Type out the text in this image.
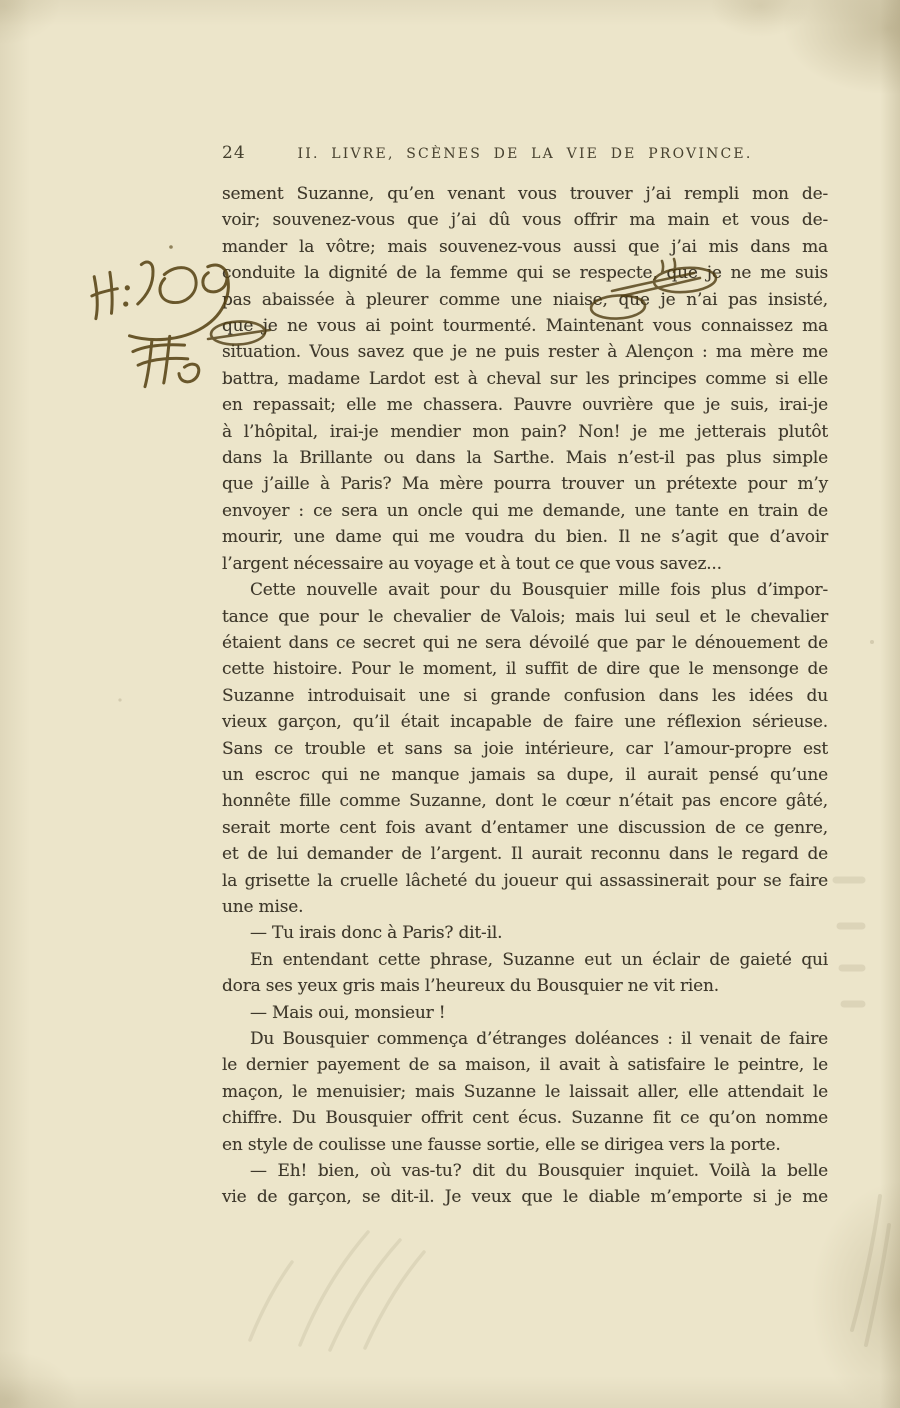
24	II. LIVRE, SCÈNES DE LA VIE DE PROVINCE.
sement Suzanne, qu’en venant vous trouver j’ai rempli mon de-
voir; souvenez-vous que j’ai dû vous offrir ma main et vous de-
mander la vôtre; mais souvenez-vous aussi que j’ai mis dans ma
conduite la dignité de la femme qui se respecte, que je ne me suis
pas abaissée à pleurer comme une niaise, que je n’ai pas insisté,
que je ne vous ai point tourmenté. Maintenant vous connaissez ma
situation. Vous savez que je ne puis rester à Alençon : ma mère me
battra, madame Lardot est à cheval sur les principes comme si elle
en repassait; elle me chassera. Pauvre ouvrière que je suis, irai-je
à l’hôpital, irai-je mendier mon pain? Non! je me jetterais plutôt
dans la Brillante ou dans la Sarthe. Mais n’est-il pas plus simple
que j’aille à Paris? Ma mère pourra trouver un prétexte pour m’y
envoyer : ce sera un oncle qui me demande, une tante en train de
mourir, une dame qui me voudra du bien. Il ne s’agit que d’avoir
l’argent nécessaire au voyage et à tout ce que vous savez...
Cette nouvelle avait pour du Bousquier mille fois plus d’impor-
tance que pour le chevalier de Valois; mais lui seul et le chevalier
étaient dans ce secret qui ne sera dévoilé que par le dénouement de
cette histoire. Pour le moment, il suffit de dire que le mensonge de
Suzanne introduisait une si grande confusion dans les idées du
vieux garçon, qu’il était incapable de faire une réflexion sérieuse.
Sans ce trouble et sans sa joie intérieure, car l’amour-propre est
un escroc qui ne manque jamais sa dupe, il aurait pensé qu’une
honnête fille comme Suzanne, dont le cœur n’était pas encore gâté,
serait morte cent fois avant d’entamer une discussion de ce genre,
et de lui demander de l’argent. Il aurait reconnu dans le regard de
la grisette la cruelle lâcheté du joueur qui assassinerait pour se faire
une mise.
— Tu irais donc à Paris? dit-il.
En entendant cette phrase, Suzanne eut un éclair de gaieté qui
dora ses yeux gris mais l’heureux du Bousquier ne vit rien.
— Mais oui, monsieur !
Du Bousquier commença d’étranges doléances : il venait de faire
le dernier payement de sa maison, il avait à satisfaire le peintre, le
maçon, le menuisier; mais Suzanne le laissait aller, elle attendait le
chiffre. Du Bousquier offrit cent écus. Suzanne fit ce qu’on nomme
en style de coulisse une fausse sortie, elle se dirigea vers la porte.
— Eh! bien, où vas-tu? dit du Bousquier inquiet. Voilà la belle
vie de garçon, se dit-il. Je veux que le diable m’emporte si je me
